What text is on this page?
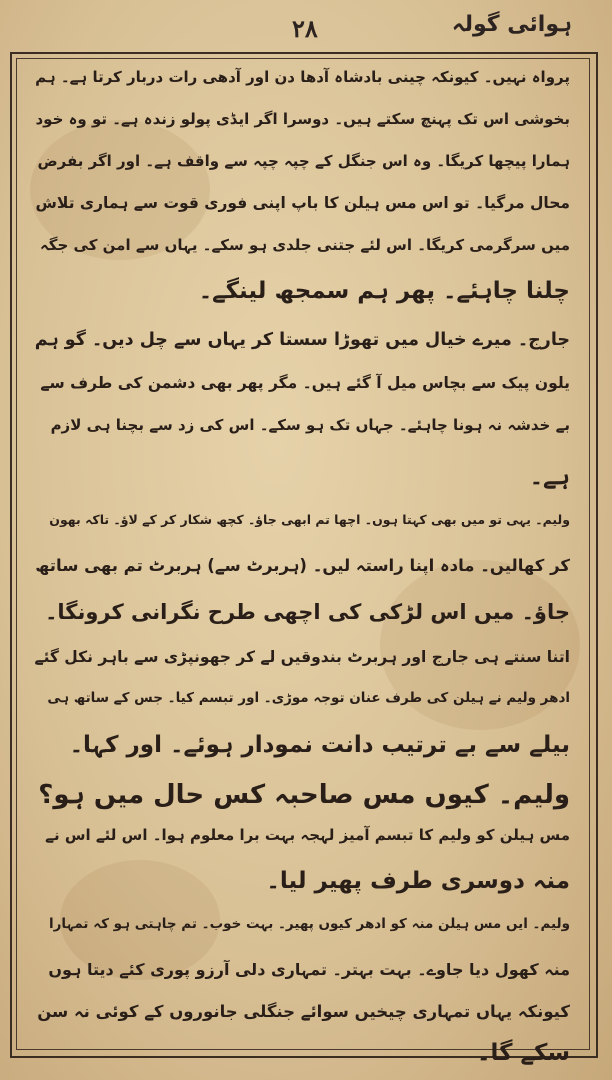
۲۸	ہوائی گولہ
پرواہ نہیں۔ کیونکہ چینی بادشاہ آدھا دن اور آدھی رات دربار کرتا ہے۔ ہم
بخوشی اس تک پہنچ سکتے ہیں۔ دوسرا اگر ایڈی پولو زندہ ہے۔ تو وہ خود
ہمارا پیچھا کریگا۔ وہ اس جنگل کے چپہ چپہ سے واقف ہے۔ اور اگر بفرض
محال مرگیا۔ تو اس مس ہیلن کا باپ اپنی فوری قوت سے ہماری تلاش
میں سرگرمی کریگا۔ اس لئے جتنی جلدی ہو سکے۔ یہاں سے امن کی جگہ
چلنا چاہئے۔ پھر ہم سمجھ لینگے۔
جارج۔ میرے خیال میں تھوڑا سستا کر یہاں سے چل دیں۔ گو ہم
یلون پیک سے بچاس میل آ گئے ہیں۔ مگر پھر بھی دشمن کی طرف سے
بے خدشہ نہ ہونا چاہئے۔ جہاں تک ہو سکے۔ اس کی زد سے بچنا ہی لازم
ہے۔
ولیم۔ یہی تو میں بھی کہتا ہوں۔ اچھا تم ابھی جاؤ۔ کچھ شکار کر کے لاؤ۔ تاکہ بھون
کر کھالیں۔ مادہ اپنا راستہ لیں۔ (ہربرٹ سے) ہربرٹ تم بھی ساتھ
جاؤ۔ میں اس لڑکی کی اچھی طرح نگرانی کرونگا۔
اتنا سنتے ہی جارج اور ہربرٹ بندوقیں لے کر جھونپڑی سے باہر نکل گئے
ادھر ولیم نے ہیلن کی طرف عنان توجہ موڑی۔ اور تبسم کیا۔ جس کے ساتھ ہی
بیلے سے بے ترتیب دانت نمودار ہوئے۔ اور کہا۔
ولیم۔ کیوں مس صاحبہ کس حال میں ہو؟
مس ہیلن کو ولیم کا تبسم آمیز لہجہ بہت برا معلوم ہوا۔ اس لئے اس نے
منہ دوسری طرف پھیر لیا۔
ولیم۔ ایں مس ہیلن منہ کو ادھر کیوں پھیر۔ بہت خوب۔ تم چاہتی ہو کہ تمہارا
منہ کھول دیا جاوے۔ بہت بہتر۔ تمہاری دلی آرزو پوری کئے دیتا ہوں
کیونکہ یہاں تمہاری چیخیں سوائے جنگلی جانوروں کے کوئی نہ سن
سکے گا۔
